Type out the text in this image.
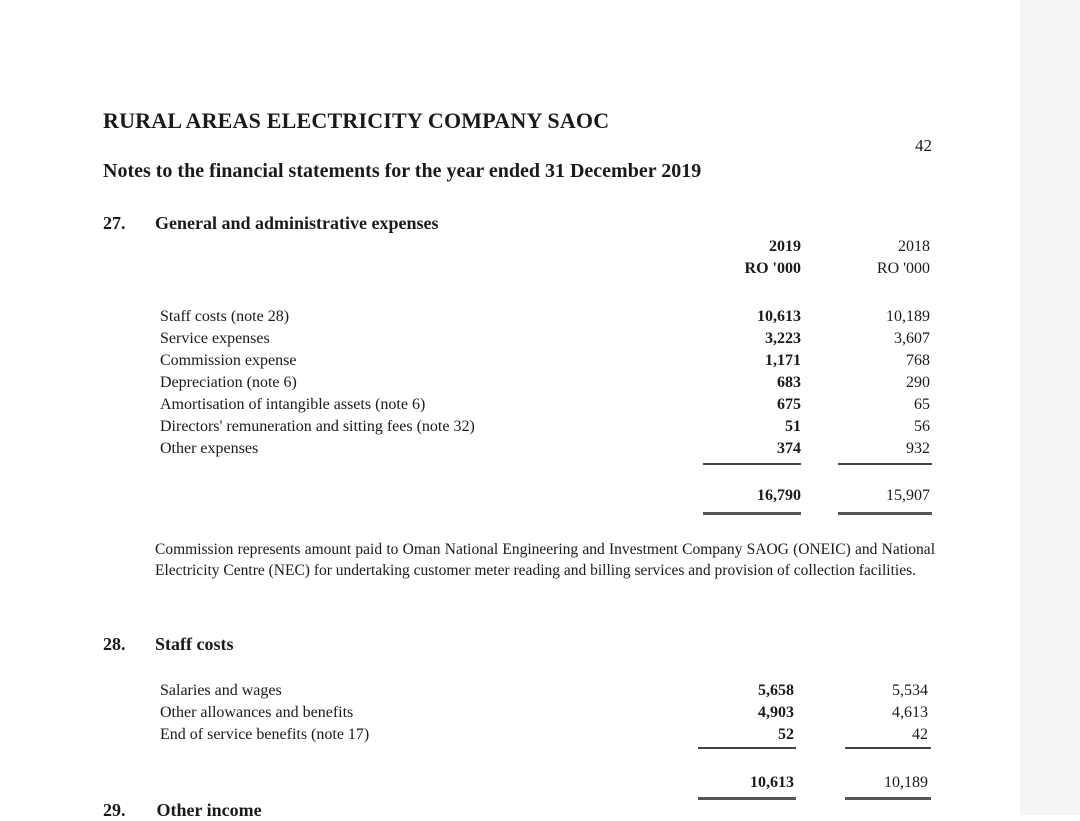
RURAL AREAS ELECTRICITY COMPANY SAOC
42
Notes to the financial statements for the year ended 31 December 2019
27. General and administrative expenses
2019
RO '000
2018
RO '000
Staff costs (note 28)
Service expenses
Commission expense
Depreciation (note 6)
Amortisation of intangible assets (note 6)
Directors' remuneration and sitting fees (note 32)
Other expenses
10,613
3,223
1,171
683
675
51
374
10,189
3,607
768
290
65
56
932
16,790	15,907
Commission represents amount paid to Oman National Engineering and Investment Company SAOG (ONEIC) and National Electricity Centre (NEC) for undertaking customer meter reading and billing services and provision of collection facilities.
28. Staff costs
Salaries and wages
Other allowances and benefits
End of service benefits (note 17)
5,658
4,903
52
5,534
4,613
42
10,613	10,189
29. Other income
